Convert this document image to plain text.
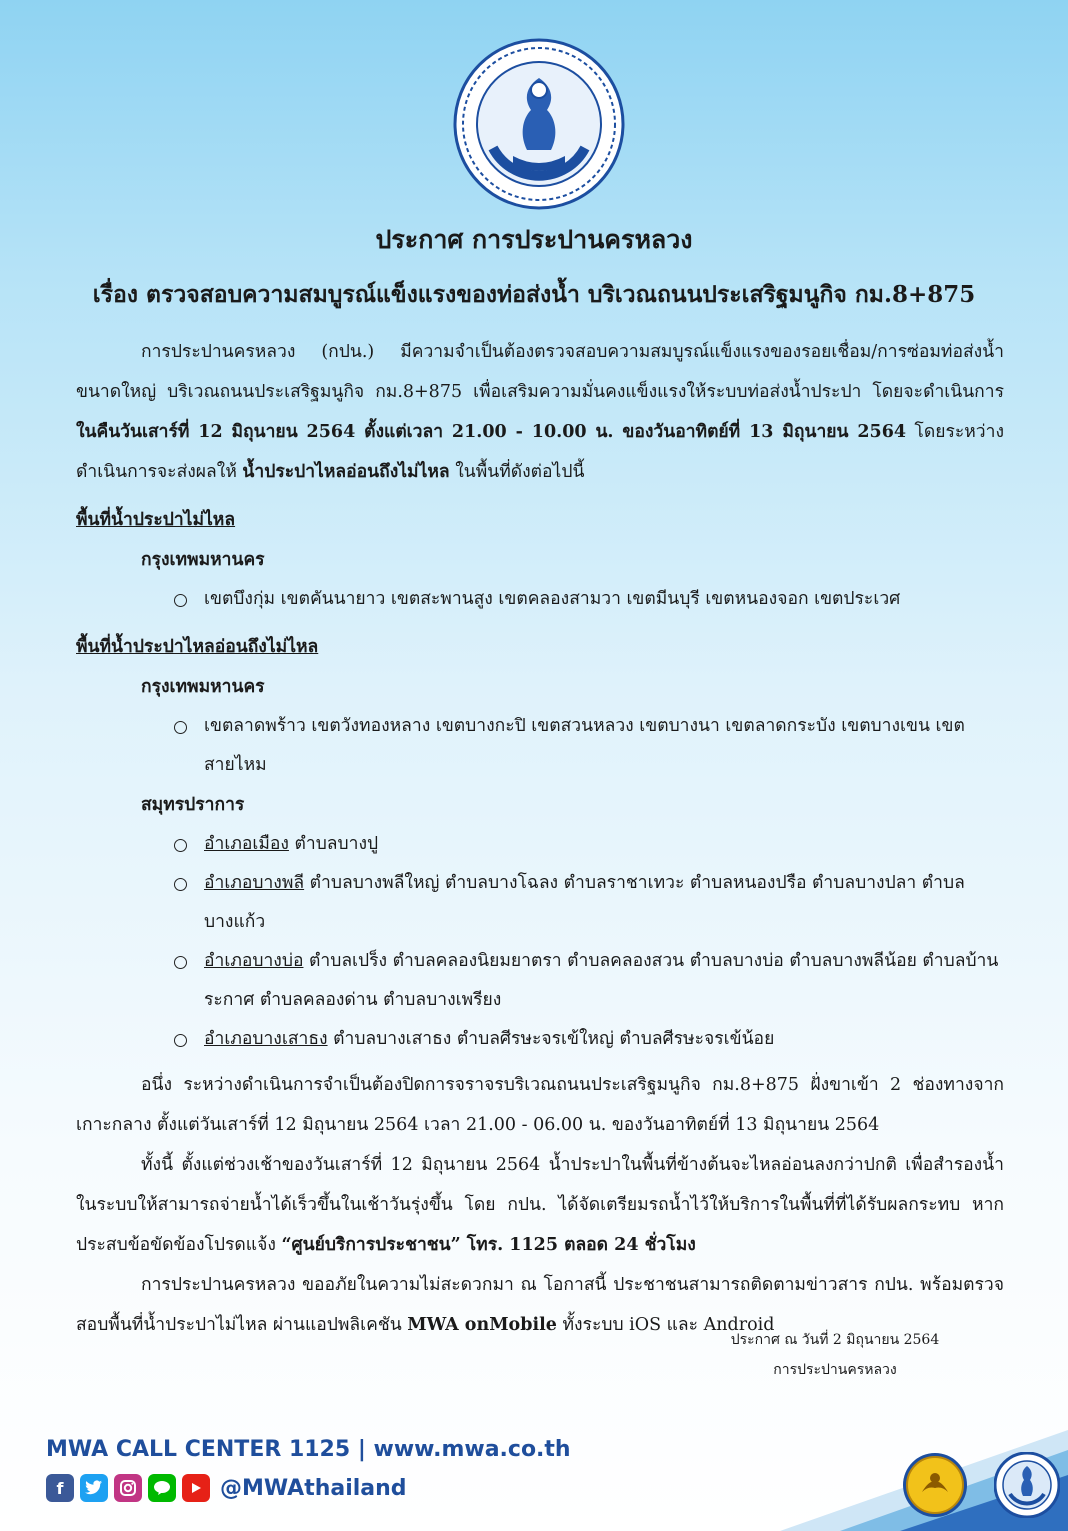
ประกาศ การประปานครหลวง
เรื่อง ตรวจสอบความสมบูรณ์แข็งแรงของท่อส่งน้ำ บริเวณถนนประเสริฐมนูกิจ กม.8+875

การประปานครหลวง (กปน.) มีความจำเป็นต้องตรวจสอบความสมบูรณ์แข็งแรงของรอยเชื่อม/การซ่อมท่อส่งน้ำขนาดใหญ่ บริเวณถนนประเสริฐมนูกิจ กม.8+875 เพื่อเสริมความมั่นคงแข็งแรงให้ระบบท่อส่งน้ำประปา โดยจะดำเนินการ ในคืนวันเสาร์ที่ 12 มิถุนายน 2564 ตั้งแต่เวลา 21.00 - 10.00 น. ของวันอาทิตย์ที่ 13 มิถุนายน 2564 โดยระหว่างดำเนินการจะส่งผลให้ น้ำประปาไหลอ่อนถึงไม่ไหล ในพื้นที่ดังต่อไปนี้

พื้นที่น้ำประปาไม่ไหล
กรุงเทพมหานคร
เขตบึงกุ่ม เขตคันนายาว เขตสะพานสูง เขตคลองสามวา เขตมีนบุรี เขตหนองจอก เขตประเวศ
พื้นที่น้ำประปาไหลอ่อนถึงไม่ไหล
กรุงเทพมหานคร
เขตลาดพร้าว เขตวังทองหลาง เขตบางกะปิ เขตสวนหลวง เขตบางนา เขตลาดกระบัง เขตบางเขน เขตสายไหม
สมุทรปราการ
อำเภอเมือง ตำบลบางปู
อำเภอบางพลี ตำบลบางพลีใหญ่ ตำบลบางโฉลง ตำบลราชาเทวะ ตำบลหนองปรือ ตำบลบางปลา ตำบลบางแก้ว
อำเภอบางบ่อ ตำบลเปร็ง ตำบลคลองนิยมยาตรา ตำบลคลองสวน ตำบลบางบ่อ ตำบลบางพลีน้อย ตำบลบ้านระกาศ ตำบลคลองด่าน ตำบลบางเพรียง
อำเภอบางเสาธง ตำบลบางเสาธง ตำบลศีรษะจรเข้ใหญ่ ตำบลศีรษะจรเข้น้อย

อนึ่ง ระหว่างดำเนินการจำเป็นต้องปิดการจราจรบริเวณถนนประเสริฐมนูกิจ กม.8+875 ฝั่งขาเข้า 2 ช่องทางจากเกาะกลาง ตั้งแต่วันเสาร์ที่ 12 มิถุนายน 2564 เวลา 21.00 - 06.00 น. ของวันอาทิตย์ที่ 13 มิถุนายน 2564

ทั้งนี้ ตั้งแต่ช่วงเช้าของวันเสาร์ที่ 12 มิถุนายน 2564 น้ำประปาในพื้นที่ข้างต้นจะไหลอ่อนลงกว่าปกติ เพื่อสำรองน้ำในระบบให้สามารถจ่ายน้ำได้เร็วขึ้นในเช้าวันรุ่งขึ้น โดย กปน. ได้จัดเตรียมรถน้ำไว้ให้บริการในพื้นที่ที่ได้รับผลกระทบ หากประสบข้อขัดข้องโปรดแจ้ง “ศูนย์บริการประชาชน” โทร. 1125 ตลอด 24 ชั่วโมง

การประปานครหลวง ขออภัยในความไม่สะดวกมา ณ โอกาสนี้ ประชาชนสามารถติดตามข่าวสาร กปน. พร้อมตรวจสอบพื้นที่น้ำประปาไม่ไหล ผ่านแอปพลิเคชัน MWA onMobile ทั้งระบบ iOS และ Android

ประกาศ ณ วันที่ 2 มิถุนายน 2564
การประปานครหลวง
MWA CALL CENTER 1125 | www.mwa.co.th
f	@MWAthailand
